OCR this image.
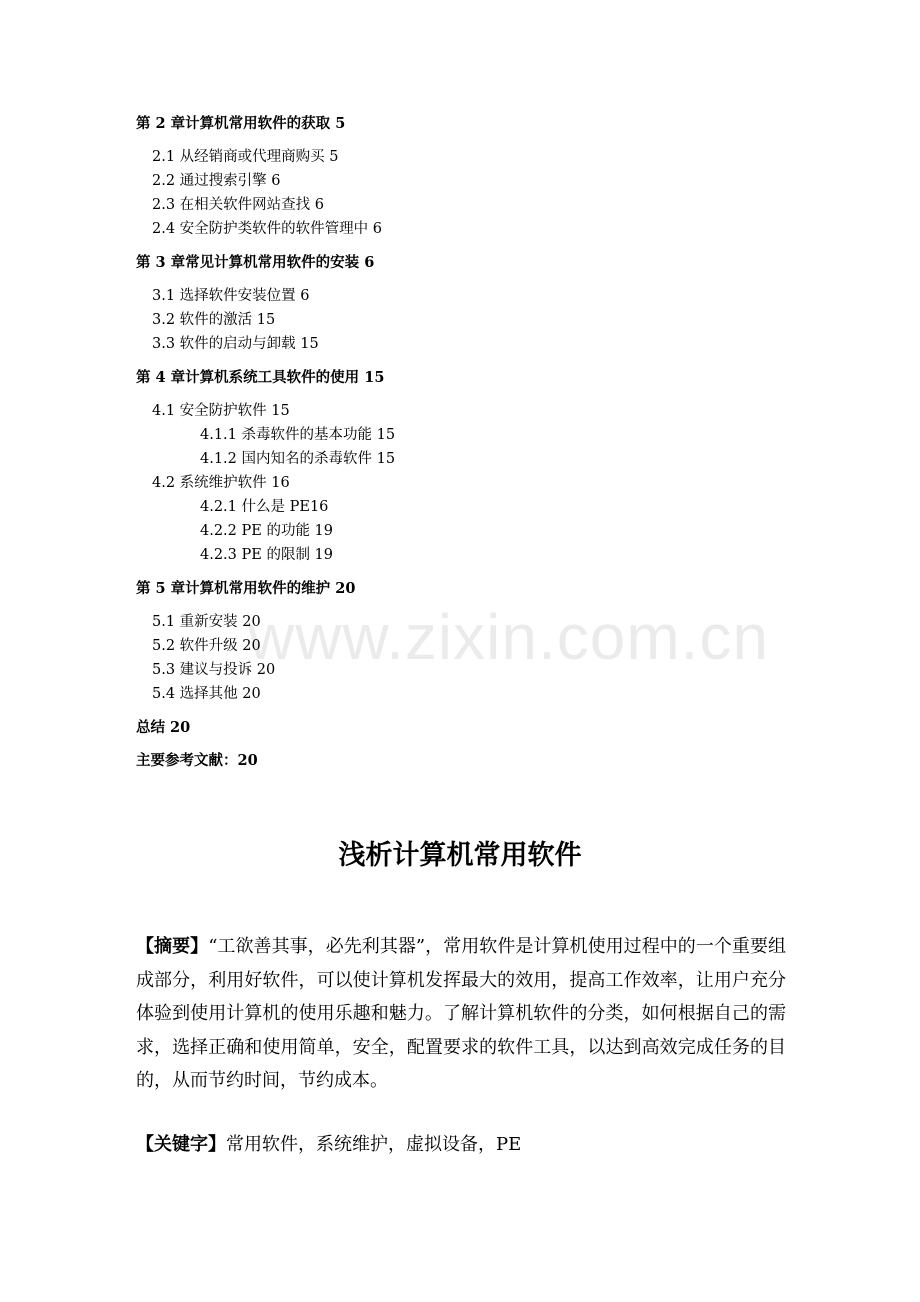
第 2 章计算机常用软件的获取 5
2.1 从经销商或代理商购买 5
2.2 通过搜索引擎 6
2.3 在相关软件网站查找 6
2.4 安全防护类软件的软件管理中 6
第 3 章常见计算机常用软件的安装 6
3.1 选择软件安装位置 6
3.2 软件的激活 15
3.3 软件的启动与卸载 15
第 4 章计算机系统工具软件的使用 15
4.1 安全防护软件 15
4.1.1 杀毒软件的基本功能 15
4.1.2 国内知名的杀毒软件 15
4.2 系统维护软件 16
4.2.1 什么是 PE16
4.2.2 PE 的功能 19
4.2.3 PE 的限制 19
第 5 章计算机常用软件的维护 20
5.1 重新安装 20
5.2 软件升级 20
5.3 建议与投诉 20
5.4 选择其他 20
总结 20
主要参考文献：20
www.zixin.com.cn
浅析计算机常用软件
【摘要】“工欲善其事，必先利其器”，常用软件是计算机使用过程中的一个重要组成部分，利用好软件，可以使计算机发挥最大的效用，提高工作效率，让用户充分体验到使用计算机的使用乐趣和魅力。了解计算机软件的分类，如何根据自己的需求，选择正确和使用简单，安全，配置要求的软件工具，以达到高效完成任务的目的，从而节约时间，节约成本。
【关键字】常用软件，系统维护，虚拟设备，PE
